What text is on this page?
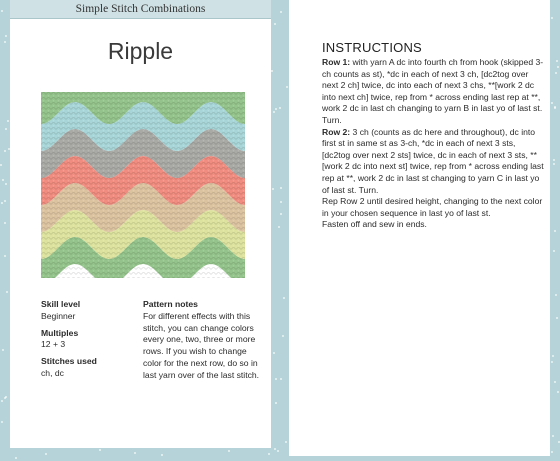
Simple Stitch Combinations
Ripple
Skill level
Beginner
Multiples
12 + 3
Stitches used
ch, dc
Pattern notes
For different effects with this stitch, you can change colors every one, two, three or more rows. If you wish to change color for the next row, do so in last yarn over of the last stitch.
INSTRUCTIONS

Row 1: with yarn A dc into fourth ch from hook (skipped 3-ch counts as st), *dc in each of next 3 ch, [dc2tog over next 2 ch] twice, dc into each of next 3 chs, **[work 2 dc into next ch] twice, rep from * across ending last rep at **, work 2 dc in last ch changing to yarn B in last yo of last st. Turn.

Row 2: 3 ch (counts as dc here and throughout), dc into first st in same st as 3-ch, *dc in each of next 3 sts, [dc2tog over next 2 sts] twice, dc in each of next 3 sts, **[work 2 dc into next st] twice, rep from * across ending last rep at **, work 2 dc in last st changing to yarn C in last yo of last st. Turn.

Rep Row 2 until desired height, changing to the next color in your chosen sequence in last yo of last st.

Fasten off and sew in ends.
